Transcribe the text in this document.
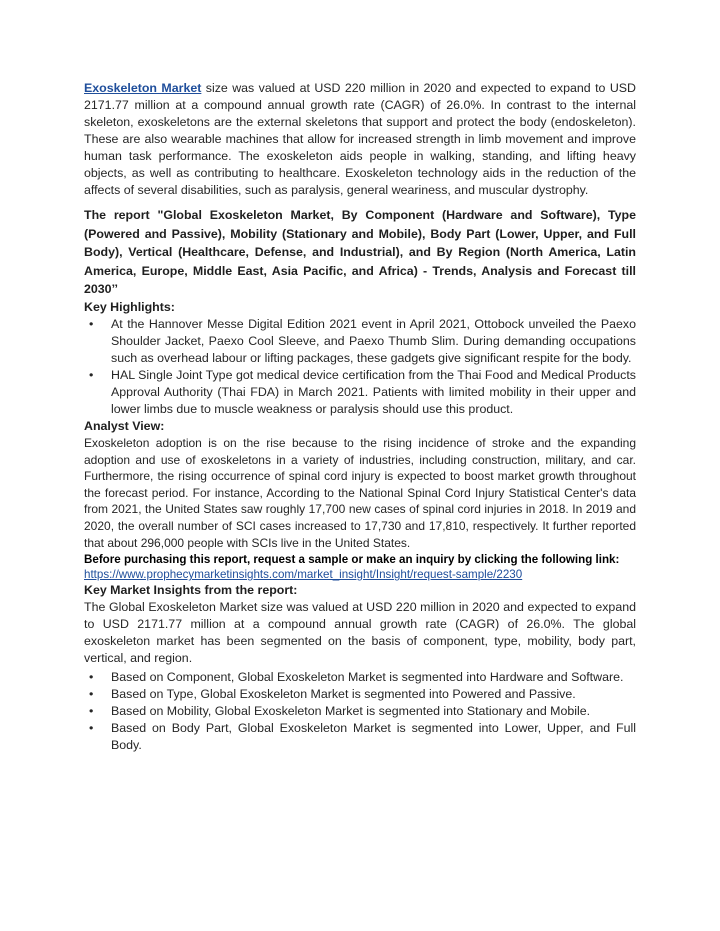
Exoskeleton Market size was valued at USD 220 million in 2020 and expected to expand to USD 2171.77 million at a compound annual growth rate (CAGR) of 26.0%. In contrast to the internal skeleton, exoskeletons are the external skeletons that support and protect the body (endoskeleton). These are also wearable machines that allow for increased strength in limb movement and improve human task performance. The exoskeleton aids people in walking, standing, and lifting heavy objects, as well as contributing to healthcare. Exoskeleton technology aids in the reduction of the affects of several disabilities, such as paralysis, general weariness, and muscular dystrophy.

The report "Global Exoskeleton Market, By Component (Hardware and Software), Type (Powered and Passive), Mobility (Stationary and Mobile), Body Part (Lower, Upper, and Full Body), Vertical (Healthcare, Defense, and Industrial), and By Region (North America, Latin America, Europe, Middle East, Asia Pacific, and Africa) - Trends, Analysis and Forecast till 2030’’

Key Highlights:

• At the Hannover Messe Digital Edition 2021 event in April 2021, Ottobock unveiled the Paexo Shoulder Jacket, Paexo Cool Sleeve, and Paexo Thumb Slim. During demanding occupations such as overhead labour or lifting packages, these gadgets give significant respite for the body.
• HAL Single Joint Type got medical device certification from the Thai Food and Medical Products Approval Authority (Thai FDA) in March 2021. Patients with limited mobility in their upper and lower limbs due to muscle weakness or paralysis should use this product.

Analyst View:

Exoskeleton adoption is on the rise because to the rising incidence of stroke and the expanding adoption and use of exoskeletons in a variety of industries, including construction, military, and car. Furthermore, the rising occurrence of spinal cord injury is expected to boost market growth throughout the forecast period. For instance, According to the National Spinal Cord Injury Statistical Center's data from 2021, the United States saw roughly 17,700 new cases of spinal cord injuries in 2018. In 2019 and 2020, the overall number of SCI cases increased to 17,730 and 17,810, respectively. It further reported that about 296,000 people with SCIs live in the United States.

Before purchasing this report, request a sample or make an inquiry by clicking the following link:

https://www.prophecymarketinsights.com/market_insight/Insight/request-sample/2230

Key Market Insights from the report:

The Global Exoskeleton Market size was valued at USD 220 million in 2020 and expected to expand to USD 2171.77 million at a compound annual growth rate (CAGR) of 26.0%. The global exoskeleton market has been segmented on the basis of component, type, mobility, body part, vertical, and region.

• Based on Component, Global Exoskeleton Market is segmented into Hardware and Software.
• Based on Type, Global Exoskeleton Market is segmented into Powered and Passive.
• Based on Mobility, Global Exoskeleton Market is segmented into Stationary and Mobile.
• Based on Body Part, Global Exoskeleton Market is segmented into Lower, Upper, and Full Body.
